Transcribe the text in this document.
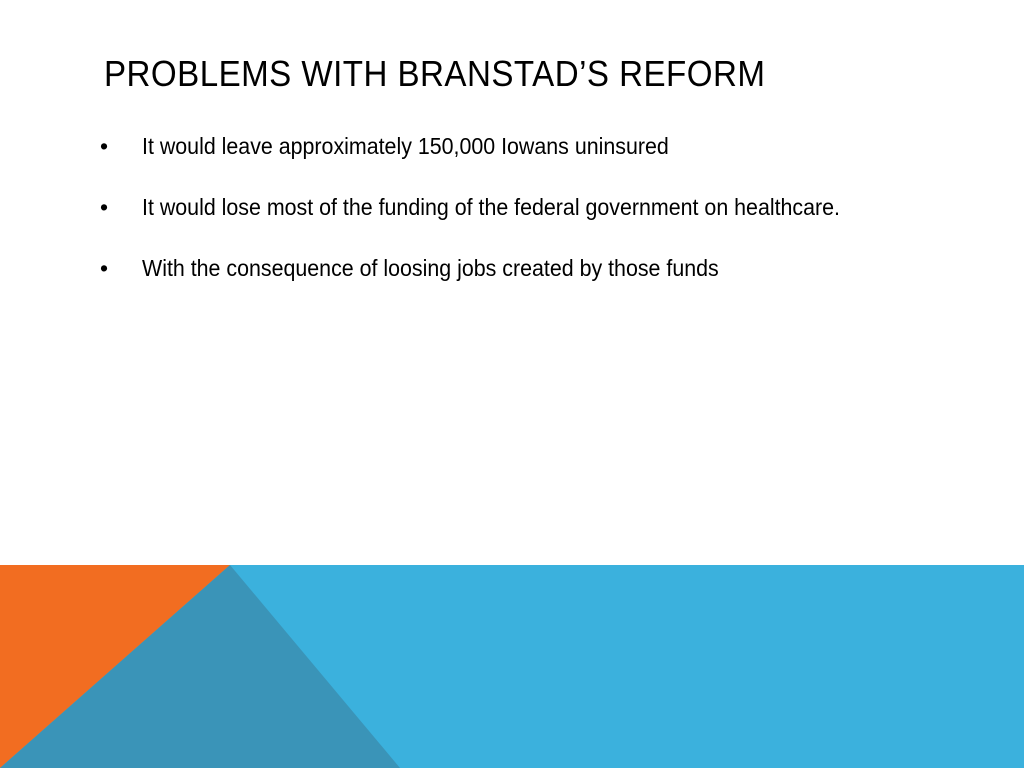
PROBLEMS WITH BRANSTAD’S REFORM
•	It would leave approximately 150,000 Iowans uninsured
•	It would lose most of the funding of the federal government on healthcare.
•	With the consequence of loosing jobs created by those funds
